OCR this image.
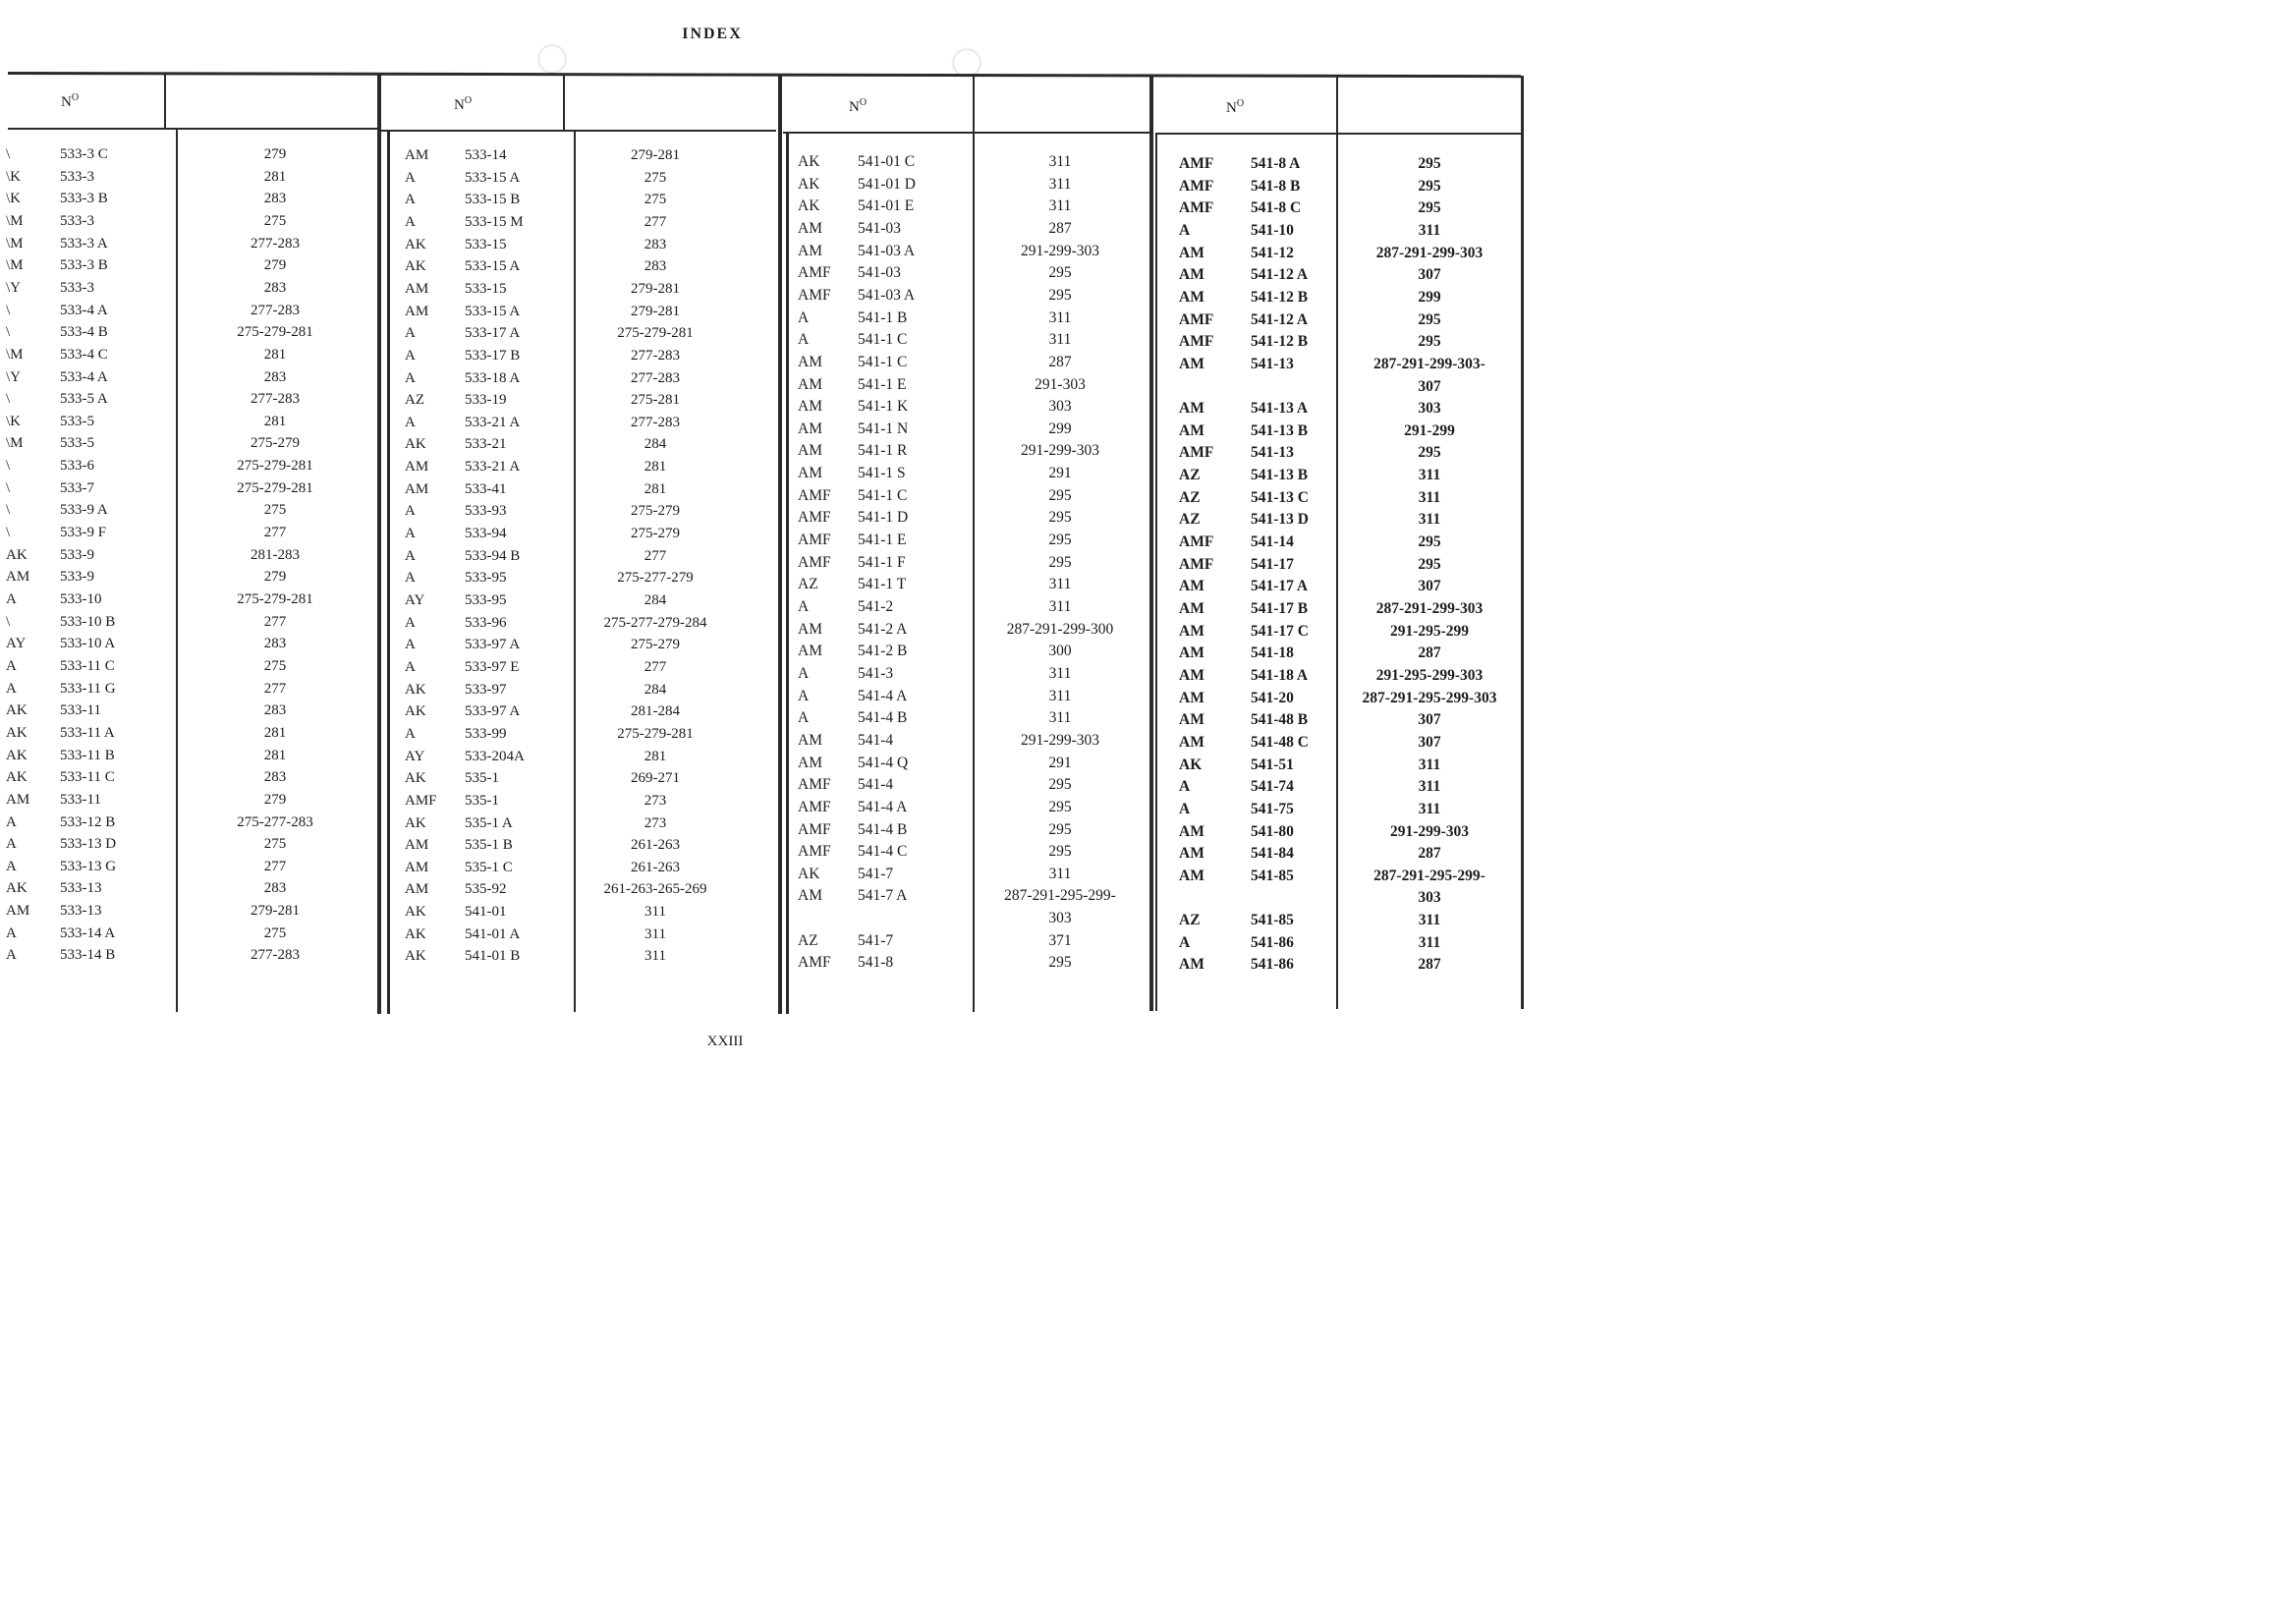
INDEX
$N^O$	$N^O$	$N^O$	$N^O$
\	533-3 C	279
\K	533-3	281
\K	533-3 B	283
\M 533-3	275
\M 533-3 A	277-283
\M 533-3 B	279
\Y	533-3	283
\	533-4 A	277-283
\	533-4 B	275-279-281
\M 533-4 C	281
\Y	533-4 A	283
\	533-5 A	277-283
\K	533-5	281
\M 533-5	275-279
\	533-6	275-279-281
\	533-7	275-279-281
\	533-9 A	275
\	533-9 F	277
AK 533-9	281-283
AM 533-9	279
A	533-10	275-279-281
\	533-10 B	277
AY 533-10 A	283
A	533-11 C	275
A	533-11 G	277
AK 533-11	283
AK 533-11 A	281
AK 533-11 B	281
AK 533-11 C	283
AM 533-11	279
A	533-12 B	275-277-283
A	533-13 D	275
A	533-13 G	277
AK 533-13	283
AM 533-13	279-281
A	533-14 A	275
A	533-14 B	277-283
AM 533-14	279-281
A	533-15 A	275
A	533-15 B	275
A	533-15 M	277
AK	533-15	283
AK	533-15 A	283
AM 533-15	279-281
AM 533-15 A	279-281
A	533-17 A	275-279-281
A	533-17 B	277-283
A	533-18 A	277-283
AZ	533-19	275-281
A	533-21 A	277-283
AK	533-21	284
AM 533-21 A	281
AM 533-41	281
A	533-93	275-279
A	533-94	275-279
A	533-94 B	277
A	533-95	275-277-279
AY	533-95	284
A	533-96	275-277-279-284
A	533-97 A	275-279
A	533-97 E	277
AK	533-97	284
AK	533-97 A	281-284
A	533-99	275-279-281
AY	533-204A	281
AK	535-1	269-271
AMF 535-1	273
AK	535-1 A	273
AM 535-1 B	261-263
AM 535-1 C	261-263
AM 535-92	261-263-265-269
AK	541-01	311
AK	541-01 A	311
AK	541-01 B	311
AK 541-01 C	311
AK 541-01 D	311
AK 541-01 E	311
AM 541-03	287
AM 541-03 A	291-299-303
AMF 541-03	295
AMF 541-03 A	295
A	541-1 B	311
A	541-1 C	311
AM 541-1 C	287
AM 541-1 E	291-303
AM 541-1 K	303
AM 541-1 N	299
AM 541-1 R	291-299-303
AM 541-1 S	291
AMF 541-1 C	295
AMF 541-1 D	295
AMF 541-1 E	295
AMF 541-1 F	295
AZ	541-1 T	311
A	541-2	311
AM 541-2 A	287-291-299-300
AM 541-2 B	300
A	541-3	311
A	541-4 A	311
A	541-4 B	311
AM 541-4	291-299-303
AM 541-4 Q	291
AMF 541-4	295
AMF 541-4 A	295
AMF 541-4 B	295
AMF 541-4 C	295
AK 541-7	311
AM 541-7 A	287-291-295-299-
303
AZ	541-7	371
AMF 541-8	295
AMF 541-8 A	295
AMF 541-8 B	295
AMF 541-8 C	295
A	541-10	311
AM	541-12	287-291-299-303
AM	541-12 A	307
AM	541-12 B	299
AMF 541-12 A	295
AMF 541-12 B	295
AM	541-13	287-291-299-303-
307
AM	541-13 A	303
AM	541-13 B	291-299
AMF 541-13	295
AZ	541-13 B	311
AZ	541-13 C	311
AZ	541-13 D	311
AMF 541-14	295
AMF 541-17	295
AM	541-17 A	307
AM	541-17 B	287-291-299-303
AM	541-17 C	291-295-299
AM	541-18	287
AM	541-18 A	291-295-299-303
AM	541-20	287-291-295-299-303
AM	541-48 B	307
AM	541-48 C	307
AK	541-51	311
A	541-74	311
A	541-75	311
AM	541-80	291-299-303
AM	541-84	287
AM	541-85	287-291-295-299-
303
AZ	541-85	311
A	541-86	311
AM	541-86	287
XXIII
